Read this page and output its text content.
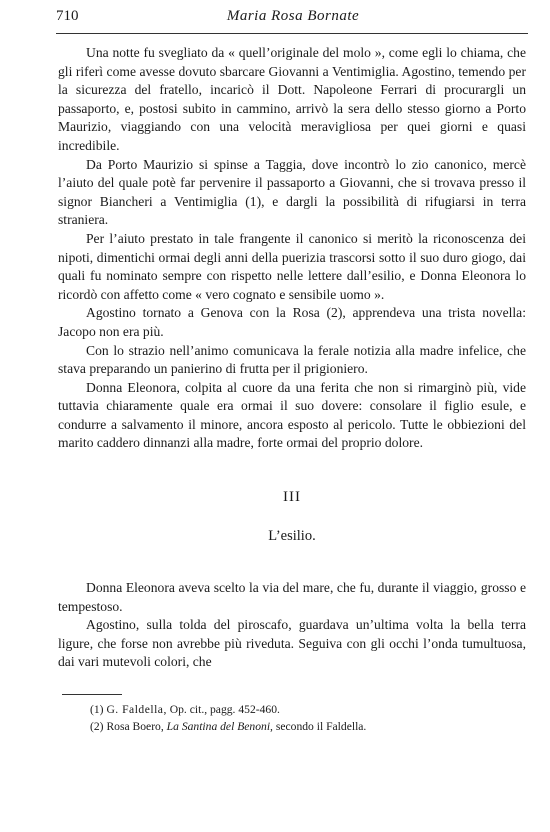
710	Maria Rosa Bornate

Una notte fu svegliato da « quell’originale del molo », come egli lo chiama, che gli riferì come avesse dovuto sbarcare Giovanni a Ventimiglia. Agostino, temendo per la sicurezza del fratello, incaricò il Dott. Napoleone Ferrari di procurargli un passaporto, e, postosi subito in cammino, arrivò la sera dello stesso giorno a Porto Maurizio, viaggiando con una velocità meravigliosa per quei giorni e quasi incredibile.

Da Porto Maurizio si spinse a Taggia, dove incontrò lo zio canonico, mercè l’aiuto del quale potè far pervenire il passaporto a Giovanni, che si trovava presso il signor Biancheri a Ventimiglia (1), e dargli la possibilità di rifugiarsi in terra straniera.

Per l’aiuto prestato in tale frangente il canonico si meritò la riconoscenza dei nipoti, dimentichi ormai degli anni della puerizia trascorsi sotto il suo duro giogo, dai quali fu nominato sempre con rispetto nelle lettere dall’esilio, e Donna Eleonora lo ricordò con affetto come « vero cognato e sensibile uomo ».

Agostino tornato a Genova con la Rosa (2), apprendeva una trista novella: Jacopo non era più.

Con lo strazio nell’animo comunicava la ferale notizia alla madre infelice, che stava preparando un panierino di frutta per il prigioniero.

Donna Eleonora, colpita al cuore da una ferita che non si rimarginò più, vide tuttavia chiaramente quale era ormai il suo dovere: consolare il figlio esule, e condurre a salvamento il minore, ancora esposto al pericolo. Tutte le obbiezioni del marito caddero dinnanzi alla madre, forte ormai del proprio dolore.

III
L’esilio.

Donna Eleonora aveva scelto la via del mare, che fu, durante il viaggio, grosso e tempestoso.

Agostino, sulla tolda del piroscafo, guardava un’ultima volta la bella terra ligure, che forse non avrebbe più riveduta. Seguiva con gli occhi l’onda tumultuosa, dai vari mutevoli colori, che

(1) G. Faldella, Op. cit., pagg. 452-460.
(2) Rosa Boero, La Santina del Benoni, secondo il Faldella.
